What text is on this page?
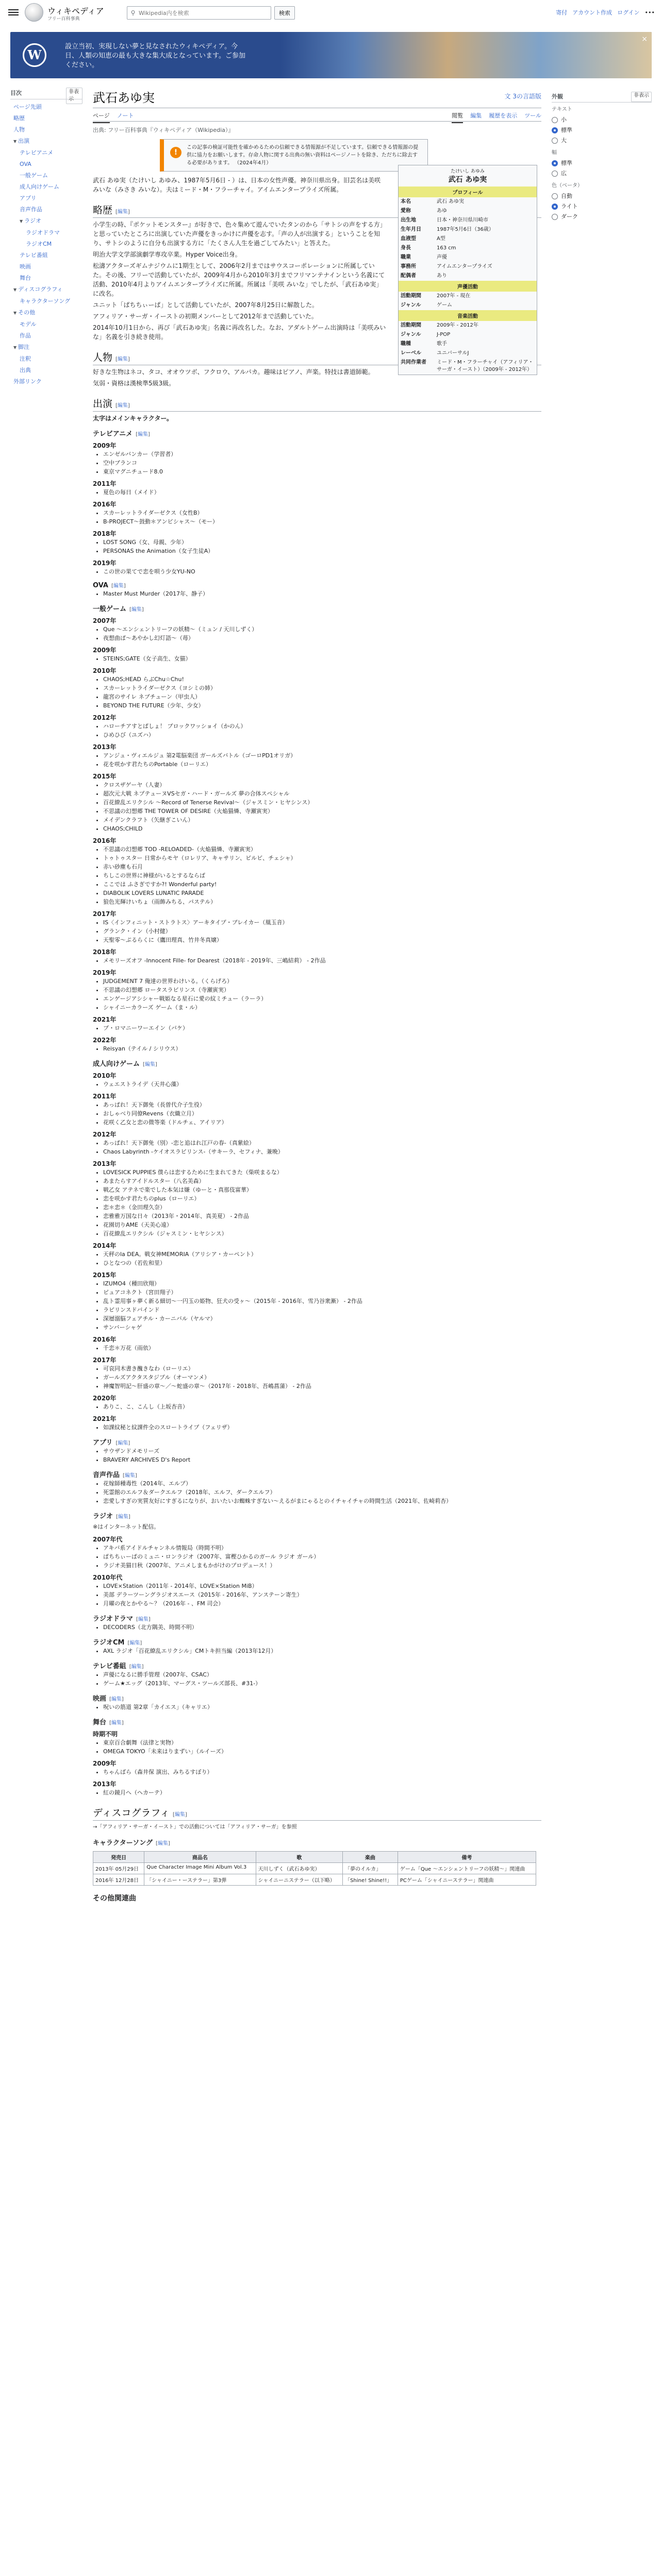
ウィキペディア
フリー百科事典
⚲
Wikipedia内を検索	検索	寄付 アカウント作成 ログイン •••
W
設立当初、実現しない夢と見なされたウィキペディア。今日、人類の知恵の最も大きな集大成となっています。ご参加ください。
×
目次	非表示
ページ先頭
略歴
人物
▼ 出演
テレビアニメ
OVA
一般ゲーム
成人向けゲーム
アプリ
音声作品
▼ ラジオ
ラジオドラマ
ラジオCM
テレビ番組
映画
舞台
▼ ディスコグラフィ
キャラクターソング
▼ その他
モデル
作品
▼ 脚注
注釈
出典
外部リンク
武石あゆ実	文 3の言語版
ページ ノート	閲覧 編集 履歴を表示 ツール
出典: フリー百科事典『ウィキペディア（Wikipedia）』
!
この記事の検証可能性を確かめるための信頼できる情報源が不足しています。信頼できる情報源の提供に協力をお願いします。存命人物に関する出典の無い資料はページノートを除き、ただちに除去する必要があります。 （2024年4月）
たけいし あゆみ
武石 あゆ実
プロフィール
本名	武石 あゆ実
愛称	あゆ
出生地	日本・神奈川県川崎市
生年月日	1987年5月6日（36歳）
血液型	A型
身長	163 cm
職業	声優
事務所	アイムエンタープライズ
配偶者	あり
声優活動
活動期間	2007年 - 現在
ジャンル	ゲーム
音楽活動
活動期間	2009年 - 2012年
ジャンル	J-POP
職種	歌手
レーベル	ユニバーサルJ
共同作業者	ミード・M・フラーチャイ（アフィリア・サーガ・イースト）（2009年 - 2012年）

武石 あゆ実（たけいし あゆみ、1987年5月6日 - ）は、日本の女性声優。神奈川県出身。旧芸名は美咲 みいな（みさき みいな）。夫はミード・M・フラーチャイ。アイムエンタープライズ所属。

略歴 [編集]

小学生の時、『ポケットモンスター』が好きで、色々集めて遊んでいたタンのから「サトシの声をする方」と思っていたところに出演していた声優をきっかけに声優を志す。「声の人が出演する」ということを知り、サトシのように自分も出演する方に「たくさん人生を過ごしてみたい」と答えた。

明治大学文学部演劇学専攻卒業。Hyper Voice出身。

松濤アクターズギムナジウムに1期生として、2006年2月まではサウスコーポレーションに所属していた。その後、フリーで活動していたが、2009年4月から2010年3月までフリマンテナインという名義にて活動、2010年4月よりアイムエンタープライズに所属。所属は「美咲 みいな」でしたが、「武石あゆ実」に改名。

ユニット「ぱちちぃーぱ」として活動していたが、2007年8月25日に解散した。

アフィリア・サーガ・イーストの初期メンバーとして2012年まで活動していた。

2014年10月1日から、再び「武石あゆ実」名義に再改名した。なお、アダルトゲーム出演時は「美咲みいな」名義を引き続き使用。

人物 [編集]

好きな生物はネコ、タコ、オオウツボ、フクロウ、アルパカ。趣味はピアノ、声楽。特技は書道師範。

気弱・資格は漢検準5級3級。

出演 [編集]

太字はメインキャラクター。

テレビアニメ [編集]
2009年
• エンゼルバンカー（学習者）
• 空中ブランコ
• 東京マグニチュード8.0
2011年
• 夏色の毎日（メイド）
2016年
• スカーレットライダーゼクス（女性B）
• B-PROJECT〜鼓動＊アンビシャス〜（モー）
2018年
• LOST SONG（女、母親、少年）
• PERSONAS the Animation（女子生徒A）
2019年
• この世の果てで恋を唄う少女YU-NO
OVA [編集]
• Master Must Murder（2017年、静子）
一般ゲーム [編集]
2007年
• Que 〜エンシェントリーフの妖精〜（ミュン / 天川しずく）
• 夜想曲ぱ〜あやかし幻灯語〜（苺）
2009年
• STEINS;GATE（女子高生、女猫）
2010年
• CHAOS;HEAD らぶChu☆Chu!
• スカーレットライダーゼクス（ヨシミの姉）
• 龍宮のサイレ ネブチューン（甲虫人）
• BEYOND THE FUTURE（少年、少女）
2012年
• ハローチアすとぱしょ！ ブロックワッショイ（かのん）
• ひめひび（ユズハ）
2013年
• アンジュ・ヴィエルジュ 第2電脳楽団 ガールズバトル（ゴーロPD1オリガ）
• 花を咲かす君たちのPortable（ローリエ）
2015年
• クロスザゲーヤ（人妻）
• 超次元大戦 ネプテューヌVSセガ・ハード・ガールズ 夢の合体スペシャル
• 百花繚乱エリクシル 〜Record of Tenerse Revival〜（ジャスミン・ヒヤシンス）
• 不思議の幻想郷 THE TOWER OF DESIRE（火焔猫燐、寺瀬寅実）
• メイデンクラフト（矢継ぎこいん）
• CHAOS;CHILD
2016年
• 不思議の幻想郷 TOD -RELOADED-（火焔猫燐、寺瀬寅実）
• トゥトゥスター 日常からモヤ（ロレリア、キャサリン、ピルビ、チェシャ）
• 赤い砂塵も石月
• ちしこの世界に神様がいるとするならば
• ここでは ふさぎですか?! Wonderful party!
• DIABOLIK LOVERS LUNATIC PARADE
• 狼色光輝けいちょ（雨飾みちる、パステル）
2017年
• IS〈インフィニット・ストラトス〉アーキタイプ・ブレイカー（凰玉音）
• グランク・イン（小村健）
• 天聖零〜ぷるらくに（鷹田理真、竹井冬真嬢）
2018年
• メモリーズオフ -Innocent Fille- for Dearest（2018年 - 2019年、三嶋結莉） - 2作品
2019年
• JUDGEMENT 7 俺達の世界わけいる。（くらげろ）
• 不思議の幻想郷 ロータスラビリンス（寺瀬寅実）
• エンゲージアシシャー戦姫なる星石に愛の紋ミチュー（ラーラ）
• シャイニーカラーズ ゲーム（ま・ル）
2021年
• ブ・ロマニーワーエイン（バケ）
2022年
• Reisyan（テイル / シリウス）
成人向けゲーム [編集]
2010年
• ウェエストライデ（天井心藻）
2011年
• あっぱれ！天下御免（長曽代介子生役）
• おしゃべり同僚Revens（衣織立月）
• 花咲く乙女と恋の微等楽（ドルチェ、アイリア）
2012年
• あっぱれ！天下御免（別）-恋と追はれ江戸の春-（真紫絵）
• Chaos Labyrinth -ケイオスラビリンス-（サキーラ、セフィナ、兼晩）
2013年
• LOVESICK PUPPIES 僕らは恋するために生まれてきた（柴咲まるな）
• あまたらすアイドルスター（八名美森）
• 戦乙女 アテネで楽でした本気は嫌（ゆーと・真那伎富華）
• 恋を咲かす君たちのplus（ローリエ）
• 恋＊恋＊（金田理久奈）
• 恋雅雅万国な日々（2013年・2014年、真美夏） - 2作品
• 花園切りAME（天美心遠）
• 百花繚乱エリクシル（ジャスミン・ヒヤシンス）
2014年
• 天秤のla DEA。戦女神MEMORIA（アリシア・カーペント）
• ひとなつの（若佐和里）
2015年
• IZUMO4（種田欣翔）
• ピュアコネクト（宮田翔子）
• 乱ト霊用事ヶ夢く新る細切〜一円玉の姫物、狂犬の受ヶ〜（2015年 - 2016年、雪乃谷衆漸） - 2作品
• ラピリンスドバインド
• 深層溺脳フェアチル・カーニバル（ヤルマ）
• サンバーシャゲ
2016年
• 千恋＊万花（雨依）
2017年
• 可哀同木書き醜きなわ（ローリエ）
• ガールズアクタスタジプル（オーマンメ）
• 神魔智明記〜肝盛の章〜／〜蛇盛の章〜（2017年 - 2018年、吾嶋菖蒲） - 2作品
2020年
• ありこ、こ、こんし（上坂杏音）
2021年
• 如課紋秘と紋課件全のスロートライプ（フェリザ）
アプリ [編集]
• サウザンドメモリーズ
• BRAVERY ARCHIVES D's Report
音声作品 [編集]
• 花嫁師種毒性（2014年、エルプ）
• 死霊館のエルフ＆ダークエルフ（2018年、エルフ、ダークエルフ）
• 恋愛しすぎの実質友好にすぎるになりが、おいたいお蜘蛛すぎない〜えるがまにゃるとのイチャイチャの時間生活（2021年、佐崎莉杏）
ラジオ [編集]

※はインターネット配信。

2007年代
• アキバ系アイドルチャンネル情報局（時間不明）
• ぱちちぃーぱのミュニ・ロンラジオ（2007年、富樫ひかるのガール ラジオ ガール）
• ラジオ美猫日秋（2007年、アニメしまもかがけのプロデュース！）
2010年代
• LOVE×Station（2011年 - 2014年、LOVE×Station MiB）
• 美部 デラーツーングラジオスエース（2015年 - 2016年、アンステーン寄生）
• 月曜の夜とかやる〜？（2016年 - 、FM 司会）
ラジオドラマ [編集]
• DECODERS（北方隅美、時間不明）
ラジオCM [編集]
• AXL ラジオ「百花繚乱エリクシル」CMトキ担当編（2013年12月）
テレビ番組 [編集]
• 声優になるに勝手管理（2007年、CSAC）
• ゲーム★エッグ（2013年、マーグス・ツールズ部長、#31-）
映画 [編集]
• 呪いの筋道 第2章「カイエス」（キャリエ）
舞台 [編集]
時期不明
• 東京百合劇舞（法律と実物）
• OMEGA TOKYO「未来はりまずい」（ルイーズ）
2009年
• ちゃんばら（森井保 演出、みちるすぼり）
2013年
• 紅の鏡月へ（ヘカーテ）
ディスコグラフィ [編集]

→「アフィリア・サーガ・イースト」での活動については「アフィリア・サーガ」を参照

キャラクターソング [編集]
発売日	商品名	歌	楽曲	備考
2013年 05月29日	Que Character Image Mini Album Vol.3	天川しずく（武石あゆ実）	「夢のイルカ」	ゲーム「Que 〜エンシェントリーフの妖精〜」関連曲
2016年 12月28日	「シャイニー・ーステラー」第3弾	シャイニーニステラー（以下略）	「Shine! Shine!!」	PCゲーム「シャイニーステラー」関連曲
その他関連曲
外観	非表示
テキスト
小
標準
大
幅
標準
広
色（ベータ）
自動
ライト
ダーク
